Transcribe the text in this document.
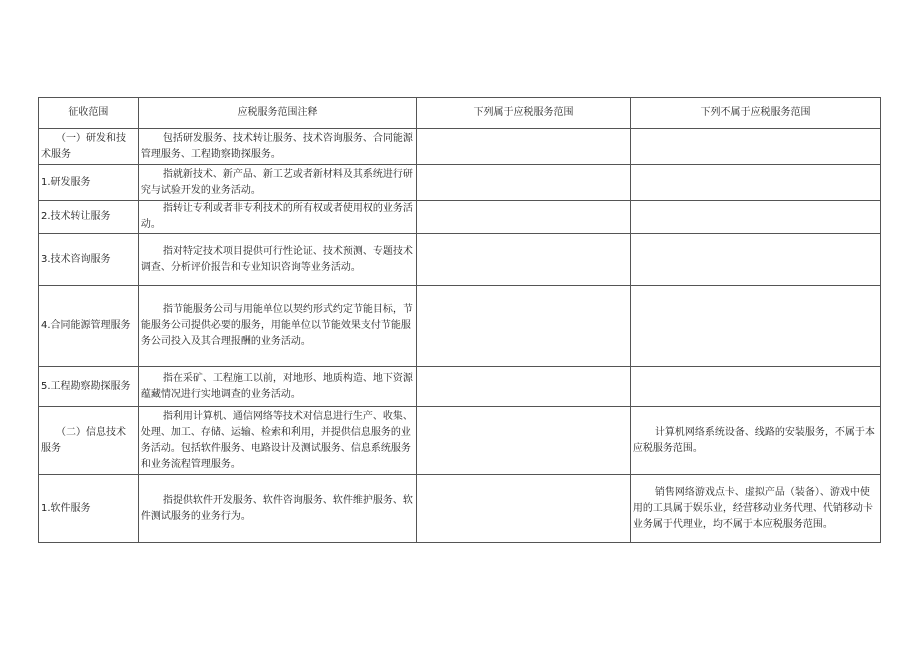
征收范围	应税服务范围注释	下列属于应税服务范围	下列不属于应税服务范围
（一）研发和技术服务	包括研发服务、技术转让服务、技术咨询服务、合同能源管理服务、工程勘察勘探服务。		
1.研发服务	指就新技术、新产品、新工艺或者新材料及其系统进行研究与试验开发的业务活动。		
2.技术转让服务	指转让专利或者非专利技术的所有权或者使用权的业务活动。		
3.技术咨询服务	指对特定技术项目提供可行性论证、技术预测、专题技术调查、分析评价报告和专业知识咨询等业务活动。		
4.合同能源管理服务	指节能服务公司与用能单位以契约形式约定节能目标，节能服务公司提供必要的服务，用能单位以节能效果支付节能服务公司投入及其合理报酬的业务活动。		
5.工程勘察勘探服务	指在采矿、工程施工以前，对地形、地质构造、地下资源蕴藏情况进行实地调查的业务活动。		
（二）信息技术服务	指利用计算机、通信网络等技术对信息进行生产、收集、处理、加工、存储、运输、检索和利用，并提供信息服务的业务活动。包括软件服务、电路设计及测试服务、信息系统服务和业务流程管理服务。		计算机网络系统设备、线路的安装服务，不属于本应税服务范围。
1.软件服务	指提供软件开发服务、软件咨询服务、软件维护服务、软件测试服务的业务行为。		销售网络游戏点卡、虚拟产品（装备）、游戏中使用的工具属于娱乐业，经营移动业务代理、代销移动卡业务属于代理业，均不属于本应税服务范围。
